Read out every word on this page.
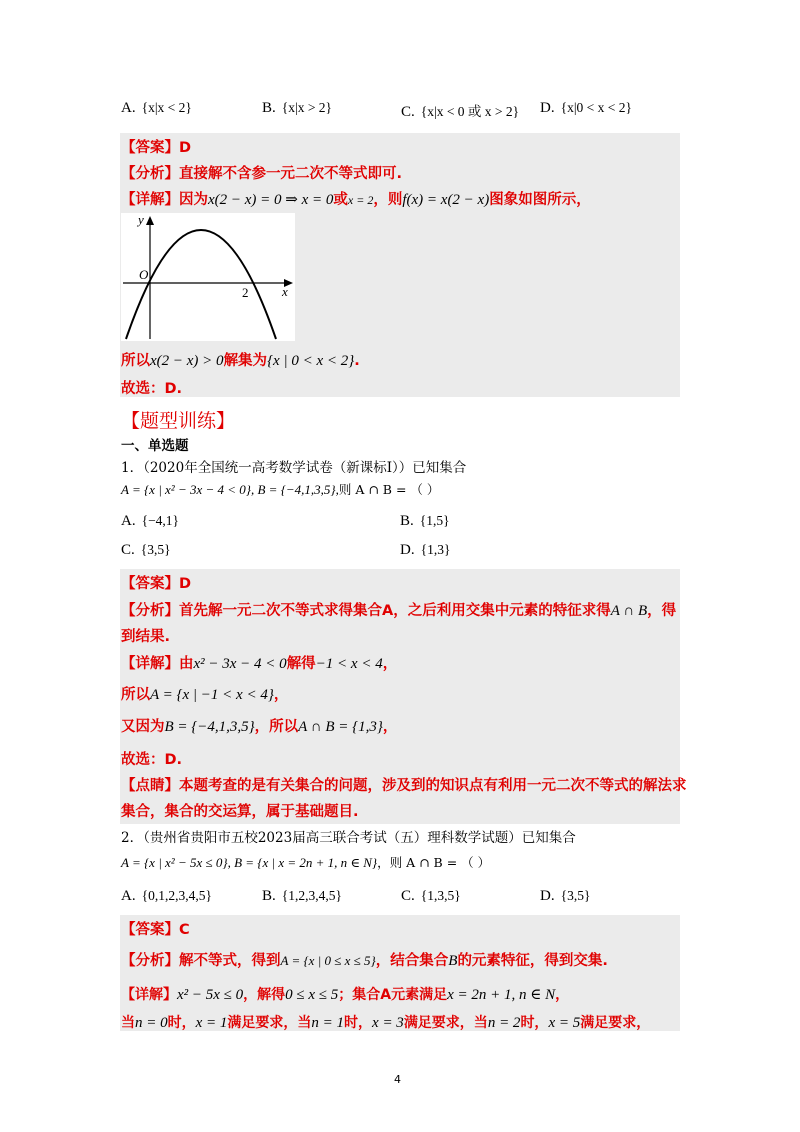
A. {x|x < 2}	B. {x|x > 2}	C. {x|x < 0 或 x > 2} D. {x|0 < x < 2}
【答案】D
【分析】直接解不含参一元二次不等式即可.
【详解】因为x(2 − x) = 0 ⇒ x = 0或x = 2，则f(x) = x(2 − x)图象如图所示，
y
x
O
2
所以x(2 − x) > 0解集为{x | 0 < x < 2}.
故选：D.
【题型训练】
一、单选题
1．（2020年全国统一高考数学试卷（新课标Ⅰ））已知集合
A = {x | x² − 3x − 4 < 0}, B = {−4,1,3,5},则 A ∩ B = （ ）
A. {−4,1}	B. {1,5}
C. {3,5}	D. {1,3}
【答案】D
【分析】首先解一元二次不等式求得集合A，之后利用交集中元素的特征求得A ∩ B，得
到结果.
【详解】由x² − 3x − 4 < 0解得−1 < x < 4，
所以A = {x | −1 < x < 4}，
又因为B = {−4,1,3,5}，所以A ∩ B = {1,3}，
故选：D.
【点睛】本题考查的是有关集合的问题，涉及到的知识点有利用一元二次不等式的解法求
集合，集合的交运算，属于基础题目.
2．（贵州省贵阳市五校2023届高三联合考试（五）理科数学试题）已知集合
A = {x | x² − 5x ≤ 0}, B = {x | x = 2n + 1, n ∈ N}，则 A ∩ B = （ ）
A. {0,1,2,3,4,5}	B. {1,2,3,4,5}	C. {1,3,5}	D. {3,5}
【答案】C
【分析】解不等式，得到A = {x | 0 ≤ x ≤ 5}，结合集合B的元素特征，得到交集.
【详解】x² − 5x ≤ 0，解得0 ≤ x ≤ 5；集合A元素满足x = 2n + 1, n ∈ N，
当n = 0时，x = 1满足要求，当n = 1时，x = 3满足要求，当n = 2时，x = 5满足要求，
4
